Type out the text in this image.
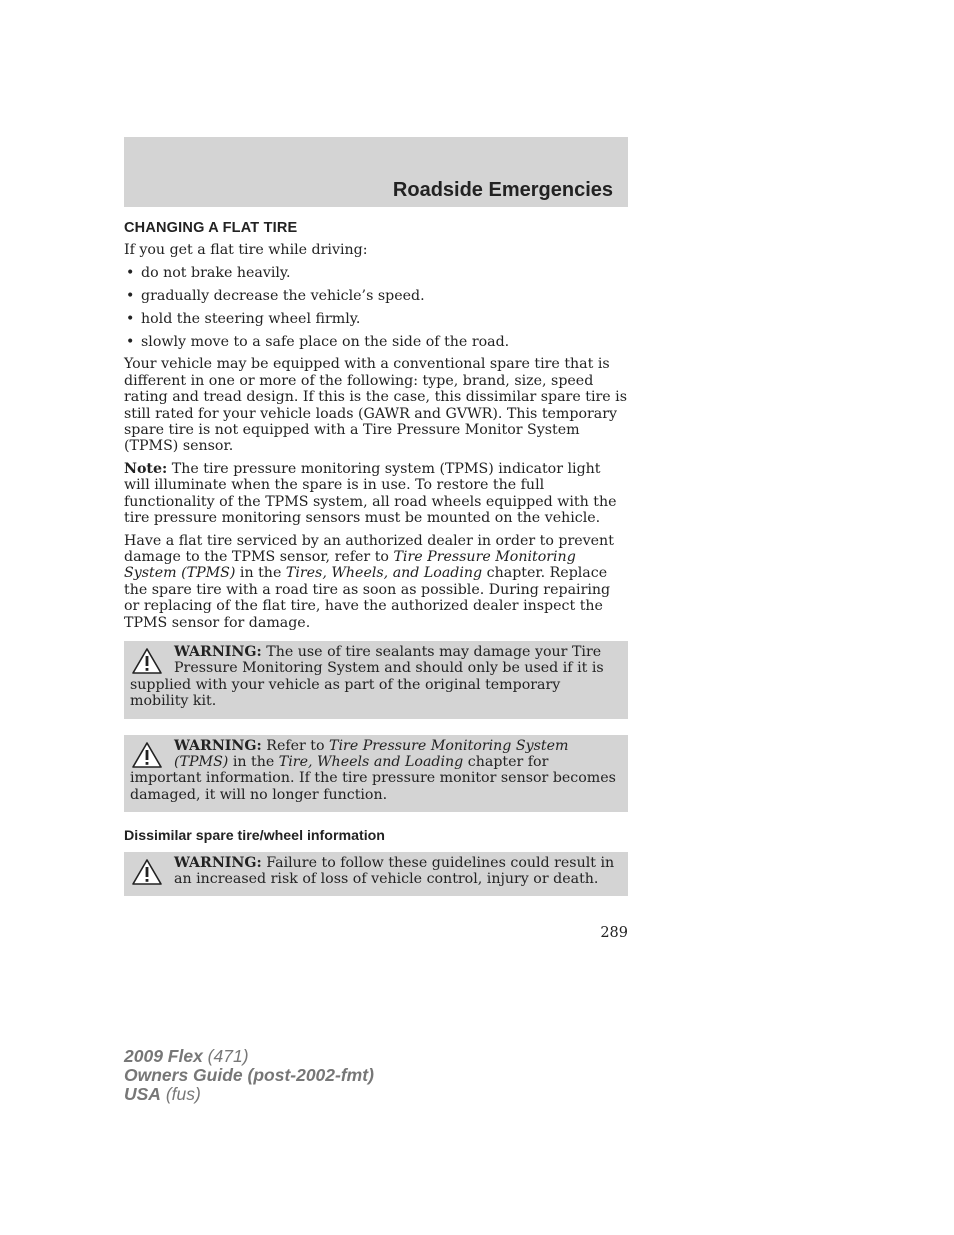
Roadside Emergencies
CHANGING A FLAT TIRE

If you get a flat tire while driving:

• do not brake heavily.
• gradually decrease the vehicle’s speed.
• hold the steering wheel firmly.
• slowly move to a safe place on the side of the road.

Your vehicle may be equipped with a conventional spare tire that is different in one or more of the following: type, brand, size, speed rating and tread design. If this is the case, this dissimilar spare tire is still rated for your vehicle loads (GAWR and GVWR). This temporary spare tire is not equipped with a Tire Pressure Monitor System (TPMS) sensor.

Note: The tire pressure monitoring system (TPMS) indicator light will illuminate when the spare is in use. To restore the full functionality of the TPMS system, all road wheels equipped with the tire pressure monitoring sensors must be mounted on the vehicle.

Have a flat tire serviced by an authorized dealer in order to prevent damage to the TPMS sensor, refer to Tire Pressure Monitoring System (TPMS) in the Tires, Wheels, and Loading chapter. Replace the spare tire with a road tire as soon as possible. During repairing or replacing of the flat tire, have the authorized dealer inspect the TPMS sensor for damage.

WARNING: The use of tire sealants may damage your Tire Pressure Monitoring System and should only be used if it is supplied with your vehicle as part of the original temporary mobility kit.
WARNING: Refer to Tire Pressure Monitoring System (TPMS) in the Tire, Wheels and Loading chapter for important information. If the tire pressure monitor sensor becomes damaged, it will no longer function.
Dissimilar spare tire/wheel information
WARNING: Failure to follow these guidelines could result in an increased risk of loss of vehicle control, injury or death.
289
2009 Flex (471)
Owners Guide (post-2002-fmt)
USA (fus)
